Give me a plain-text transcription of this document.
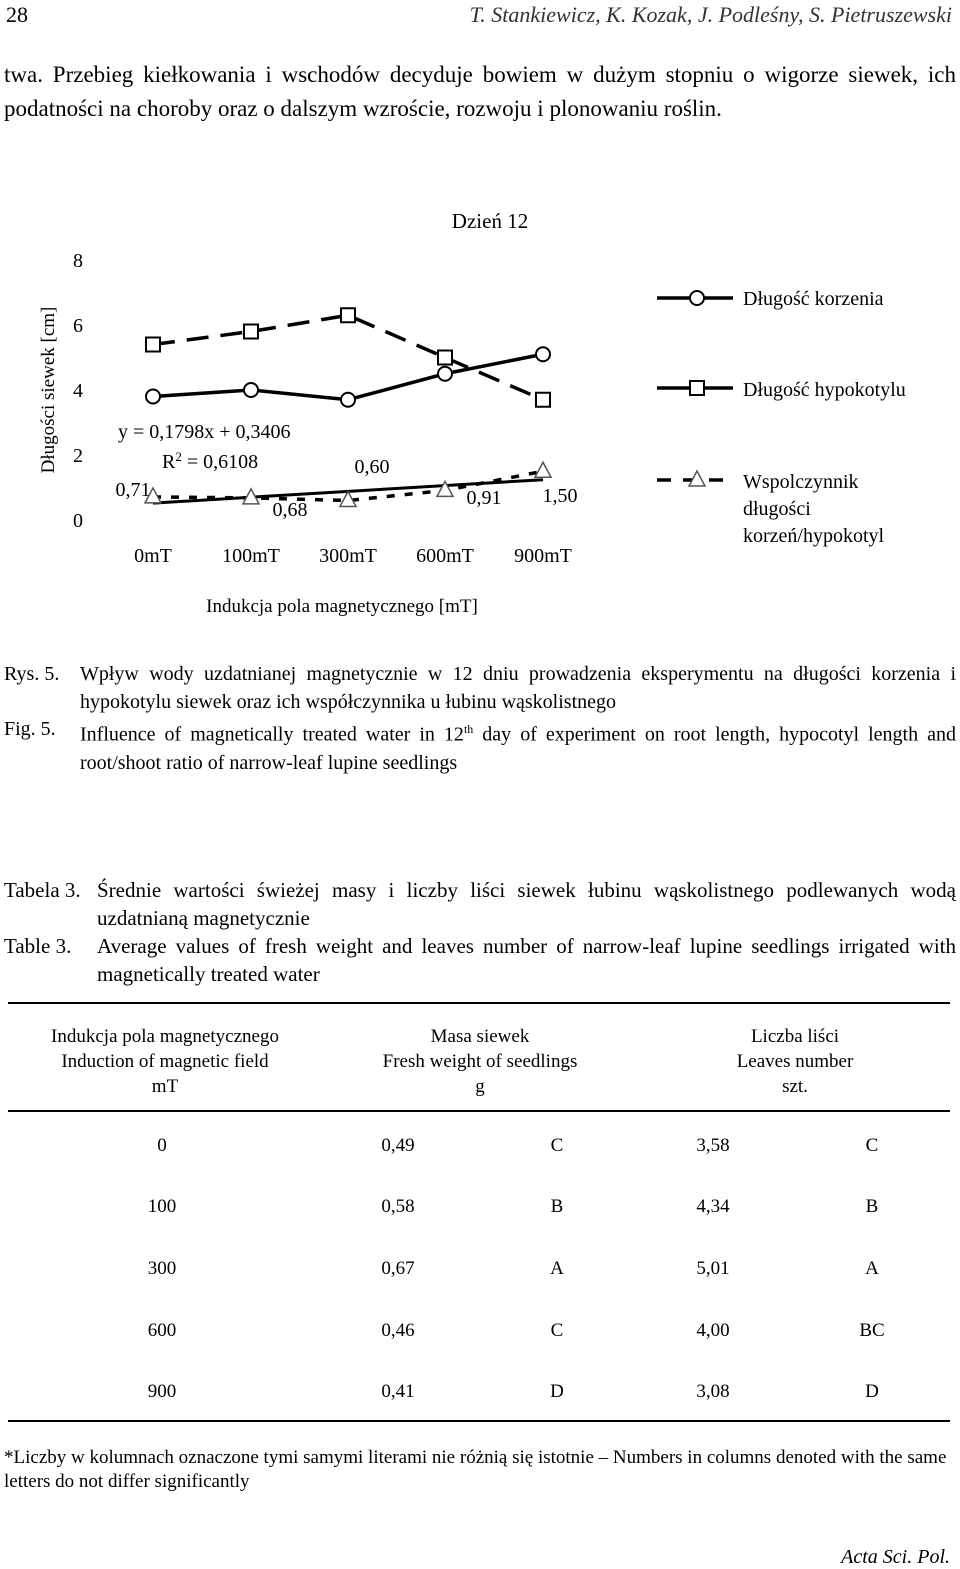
28	T. Stankiewicz, K. Kozak, J. Podleśny, S. Pietruszewski
twa. Przebieg kiełkowania i wschodów decyduje bowiem w dużym stopniu o wigorze siewek, ich podatności na choroby oraz o dalszym wzroście, rozwoju i plonowaniu roślin.
Dzień 12
0
2
4
6
8
Długości siewek [cm]
0mT	100mT 300mT 600mT 900mT
Indukcja pola magnetycznego [mT]
0,71
0,68
0,60
0,91 1,50
y = 0,1798x + 0,3406
$R^2 = 0,6108$
Długość korzenia
Długość hypokotylu
Wspolczynnik długości korzeń/hypokotyl
Rys. 5. Wpływ wody uzdatnianej magnetycznie w 12 dniu prowadzenia eksperymentu na długości korzenia i hypokotylu siewek oraz ich współczynnika u łubinu wąskolistnego
Fig. 5. Influence of magnetically treated water in 12th day of experiment on root length, hypocotyl length and root/shoot ratio of narrow-leaf lupine seedlings
Tabela 3. Średnie wartości świeżej masy i liczby liści siewek łubinu wąskolistnego podlewanych wodą uzdatnianą magnetycznie
Table 3. Average values of fresh weight and leaves number of narrow-leaf lupine seedlings irrigated with magnetically treated water
Indukcja pola magnetycznego
Induction of magnetic field
mT
Masa siewek
Fresh weight of seedlings
g
Liczba liści
Leaves number
szt.
0	0,49	C	3,58	C
100	0,58	B	4,34	B
300	0,67	A	5,01	A
600	0,46	C	4,00	BC
900	0,41	D	3,08	D
*Liczby w kolumnach oznaczone tymi samymi literami nie różnią się istotnie – Numbers in columns denoted with the same letters do not differ significantly
Acta Sci. Pol.
